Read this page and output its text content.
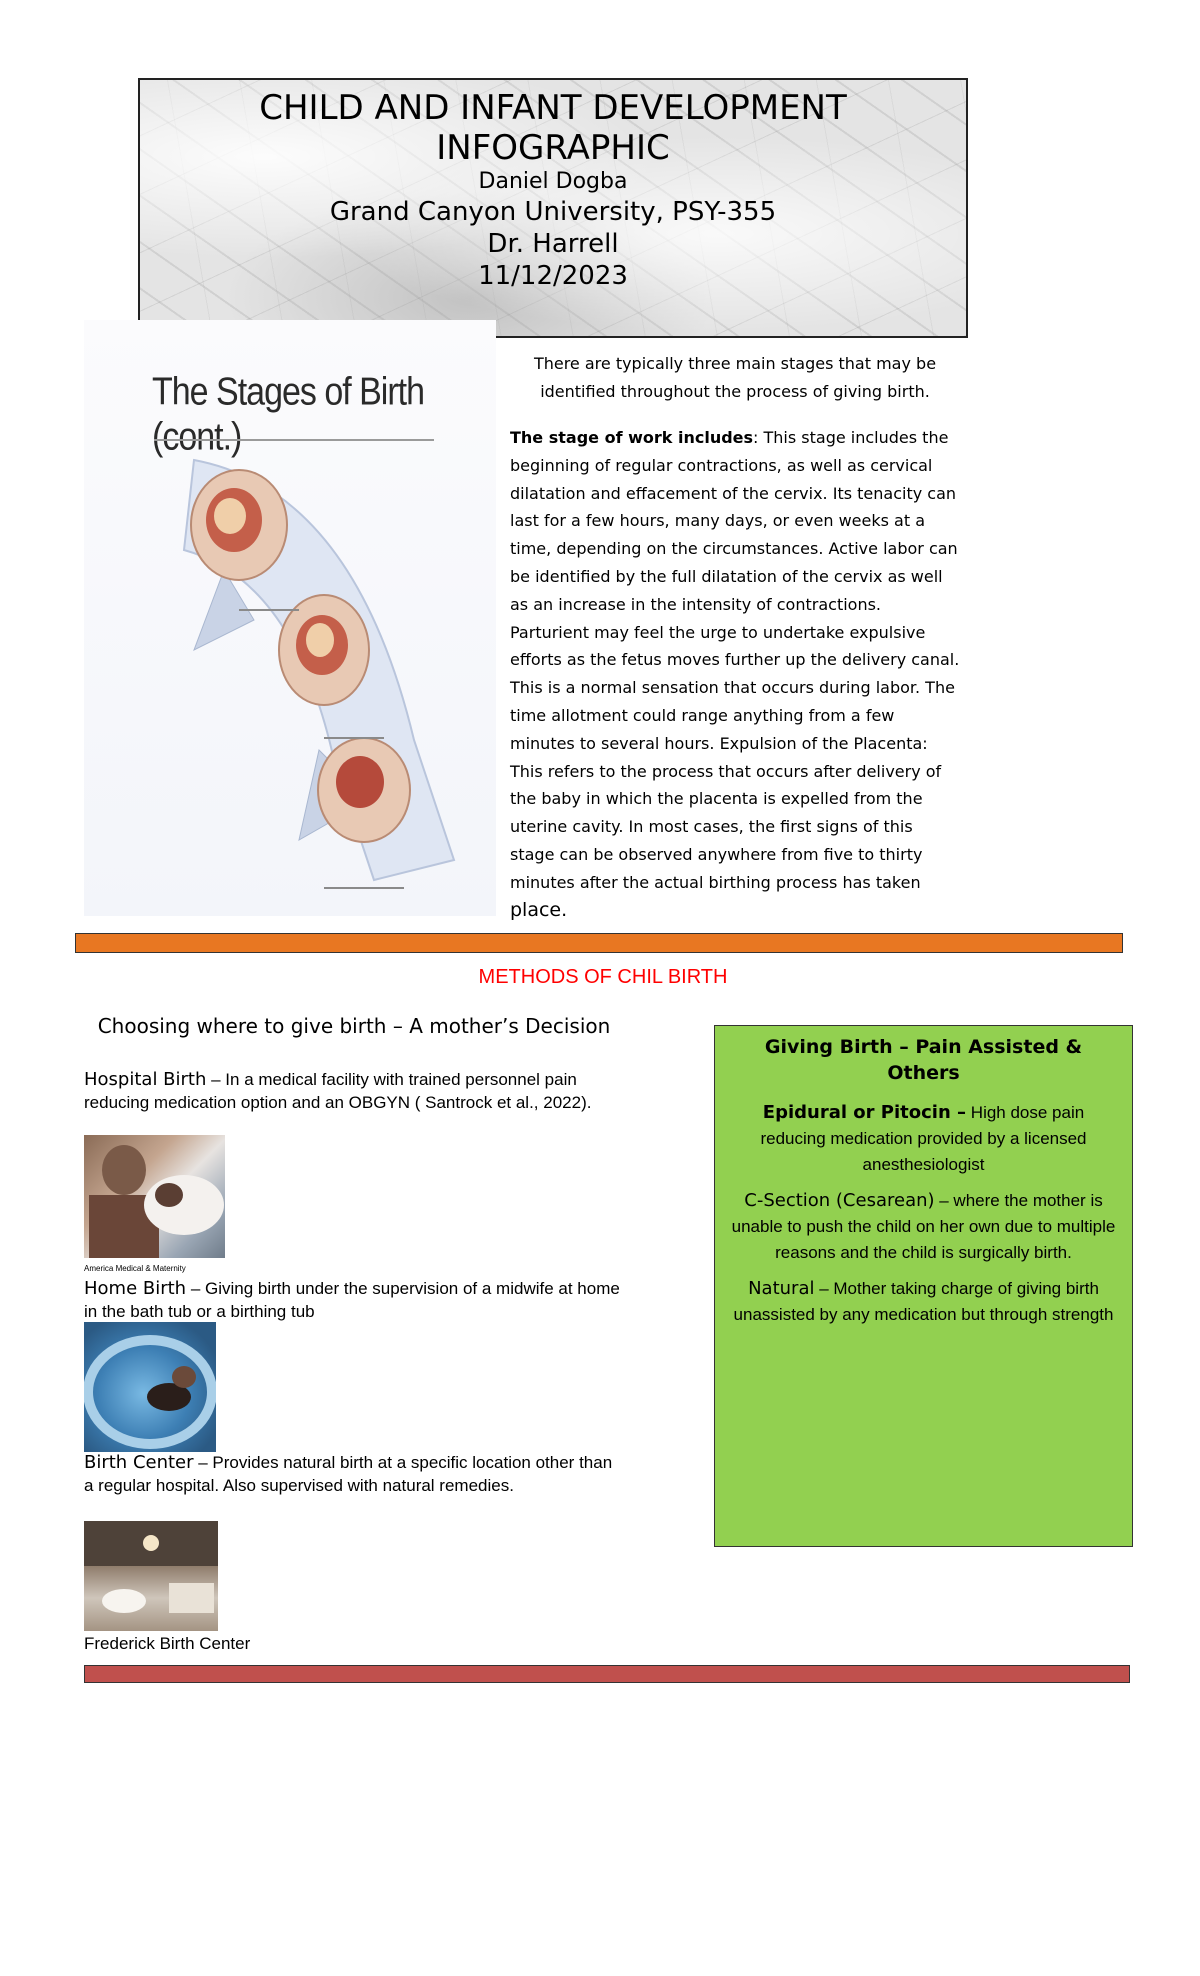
CHILD AND INFANT DEVELOPMENT
INFOGRAPHIC
Daniel Dogba
Grand Canyon University, PSY-355
Dr. Harrell
11/12/2023
The Stages of Birth (cont.)
There are typically three main stages that may be identified throughout the process of giving birth.
The stage of work includes: This stage includes the beginning of regular contractions, as well as cervical dilatation and effacement of the cervix. Its tenacity can last for a few hours, many days, or even weeks at a time, depending on the circumstances. Active labor can be identified by the full dilatation of the cervix as well as an increase in the intensity of contractions. Parturient may feel the urge to undertake expulsive efforts as the fetus moves further up the delivery canal. This is a normal sensation that occurs during labor. The time allotment could range anything from a few minutes to several hours. Expulsion of the Placenta: This refers to the process that occurs after delivery of the baby in which the placenta is expelled from the uterine cavity. In most cases, the first signs of this stage can be observed anywhere from five to thirty minutes after the actual birthing process has taken place.
METHODS OF CHIL BIRTH
Choosing where to give birth – A mother’s Decision
Hospital Birth – In a medical facility with trained personnel pain reducing medication option and an OBGYN ( Santrock et al., 2022).
America Medical & Maternity
Home Birth – Giving birth under the supervision of a midwife at home in the bath tub or a birthing tub
Birth Center – Provides natural birth at a specific location other than a regular hospital. Also supervised with natural remedies.
Frederick Birth Center
Giving Birth – Pain Assisted & Others
Epidural or Pitocin – High dose pain reducing medication provided by a licensed anesthesiologist
C-Section (Cesarean) – where the mother is unable to push the child on her own due to multiple reasons and the child is surgically birth.
Natural – Mother taking charge of giving birth unassisted by any medication but through strength
